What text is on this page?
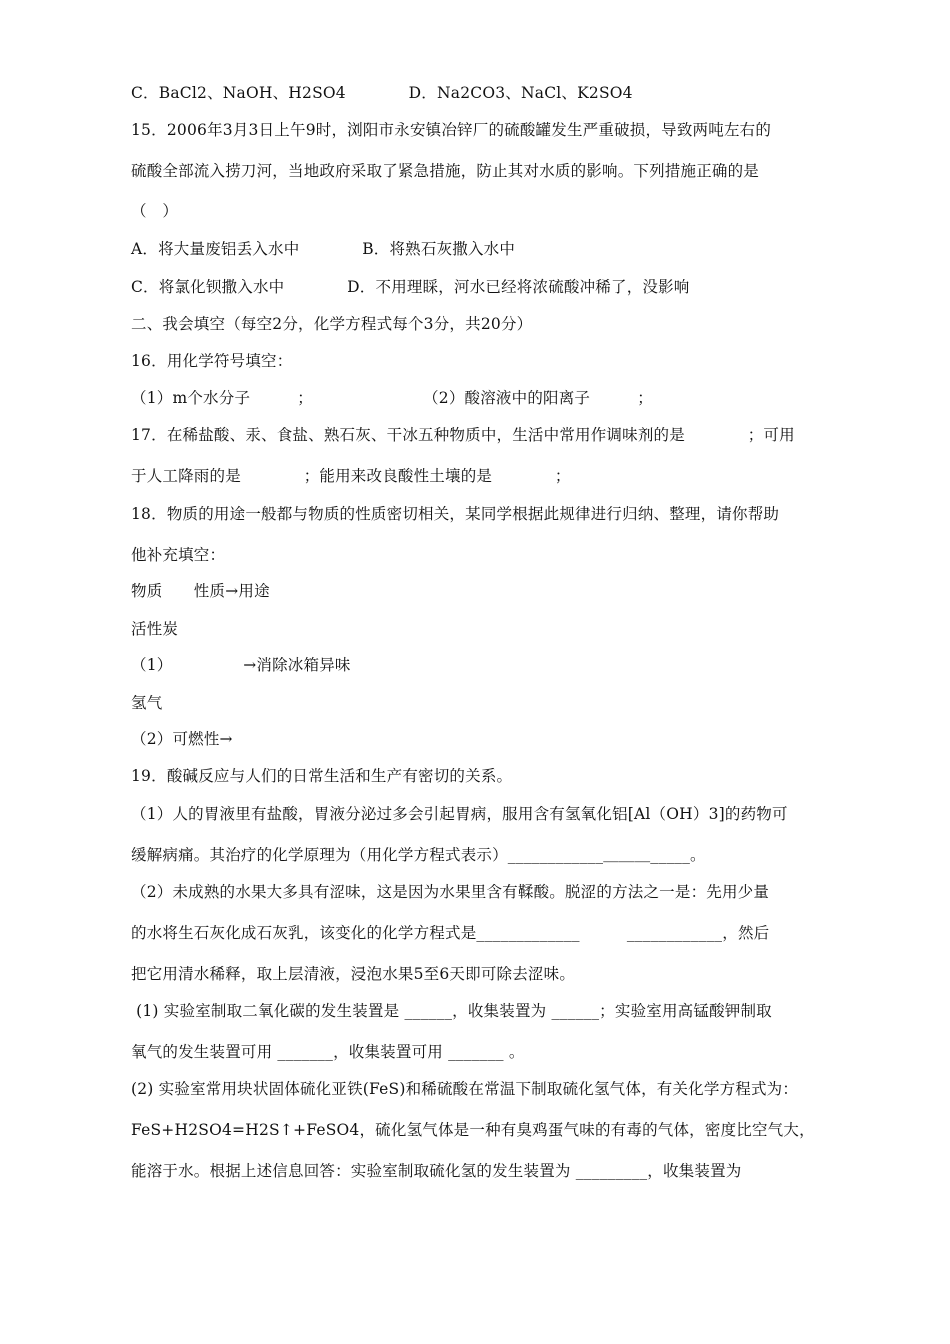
C．BaCl2、NaOH、H2SO4　　　　D．Na2CO3、NaCl、K2SO4
15．2006年3月3日上午9时，浏阳市永安镇冶锌厂的硫酸罐发生严重破损，导致两吨左右的
硫酸全部流入捞刀河，当地政府采取了紧急措施，防止其对水质的影响。下列措施正确的是
（　）
A．将大量废铝丢入水中　　　　B．将熟石灰撒入水中
C．将氯化钡撒入水中　　　　D．不用理睬，河水已经将浓硫酸冲稀了，没影响
二、我会填空（每空2分，化学方程式每个3分，共20分）
16．用化学符号填空：
（1）m个水分子　　　；　　　　　　　　（2）酸溶液中的阳离子　　　；
17．在稀盐酸、汞、食盐、熟石灰、干冰五种物质中，生活中常用作调味剂的是　　　　；可用
于人工降雨的是　　　　；能用来改良酸性土壤的是　　　　；
18．物质的用途一般都与物质的性质密切相关，某同学根据此规律进行归纳、整理，请你帮助
他补充填空：
物质　　性质→用途
活性炭
（1）　　　　　→消除冰箱异味
氢气
（2）可燃性→
19．酸碱反应与人们的日常生活和生产有密切的关系。
（1）人的胃液里有盐酸，胃液分泌过多会引起胃病，服用含有氢氧化铝[Al（OH）3]的药物可
缓解病痛。其治疗的化学原理为（用化学方程式表示）____________＿＿＿_____。
（2）未成熟的水果大多具有涩味，这是因为水果里含有鞣酸。脱涩的方法之一是：先用少量
的水将生石灰化成石灰乳，该变化的化学方程式是_____________　　　____________，然后
把它用清水稀释，取上层清液，浸泡水果5至6天即可除去涩味。
(1) 实验室制取二氧化碳的发生装置是 ______，收集装置为 ______；实验室用高锰酸钾制取
氧气的发生装置可用 _______，收集装置可用 _______ 。
(2) 实验室常用块状固体硫化亚铁(FeS)和稀硫酸在常温下制取硫化氢气体，有关化学方程式为：
FeS+H2SO4=H2S↑+FeSO4，硫化氢气体是一种有臭鸡蛋气味的有毒的气体，密度比空气大，
能溶于水。根据上述信息回答：实验室制取硫化氢的发生装置为 _________，收集装置为
